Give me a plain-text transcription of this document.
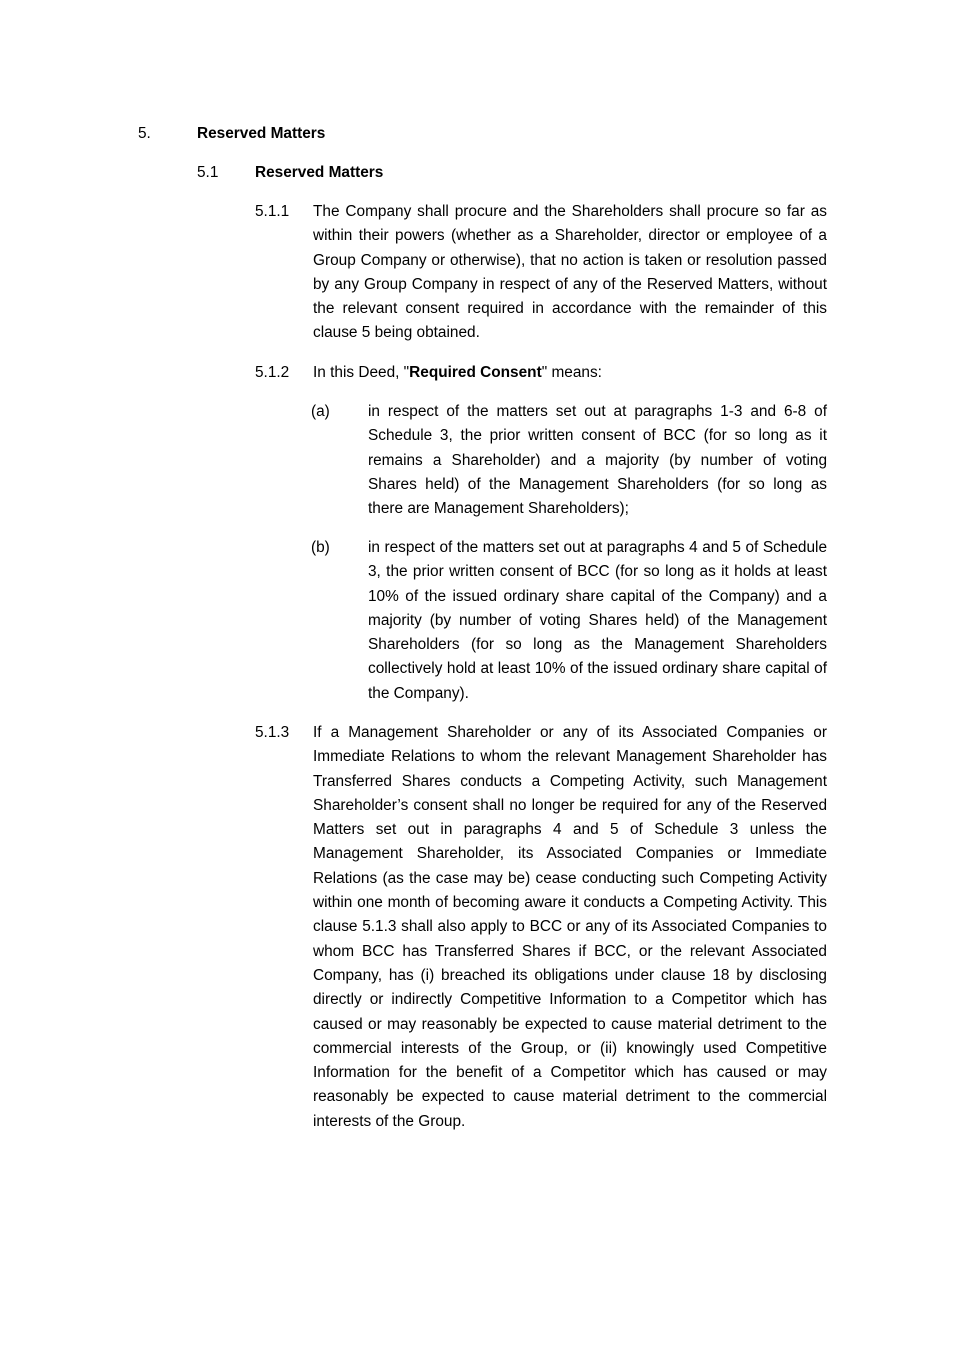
5.	Reserved Matters
5.1 Reserved Matters
5.1.1 The Company shall procure and the Shareholders shall procure so far as within their powers (whether as a Shareholder, director or employee of a Group Company or otherwise), that no action is taken or resolution passed by any Group Company in respect of any of the Reserved Matters, without the relevant consent required in accordance with the remainder of this clause 5 being obtained.
5.1.2 In this Deed, "Required Consent" means:
(a) in respect of the matters set out at paragraphs 1-3 and 6-8 of Schedule 3, the prior written consent of BCC (for so long as it remains a Shareholder) and a majority (by number of voting Shares held) of the Management Shareholders (for so long as there are Management Shareholders);
(b) in respect of the matters set out at paragraphs 4 and 5 of Schedule 3, the prior written consent of BCC (for so long as it holds at least 10% of the issued ordinary share capital of the Company) and a majority (by number of voting Shares held) of the Management Shareholders (for so long as the Management Shareholders collectively hold at least 10% of the issued ordinary share capital of the Company).
5.1.3 If a Management Shareholder or any of its Associated Companies or Immediate Relations to whom the relevant Management Shareholder has Transferred Shares conducts a Competing Activity, such Management Shareholder’s consent shall no longer be required for any of the Reserved Matters set out in paragraphs 4 and 5 of Schedule 3 unless the Management Shareholder, its Associated Companies or Immediate Relations (as the case may be) cease conducting such Competing Activity within one month of becoming aware it conducts a Competing Activity. This clause 5.1.3 shall also apply to BCC or any of its Associated Companies to whom BCC has Transferred Shares if BCC, or the relevant Associated Company, has (i) breached its obligations under clause 18 by disclosing directly or indirectly Competitive Information to a Competitor which has caused or may reasonably be expected to cause material detriment to the commercial interests of the Group, or (ii) knowingly used Competitive Information for the benefit of a Competitor which has caused or may reasonably be expected to cause material detriment to the commercial interests of the Group.
